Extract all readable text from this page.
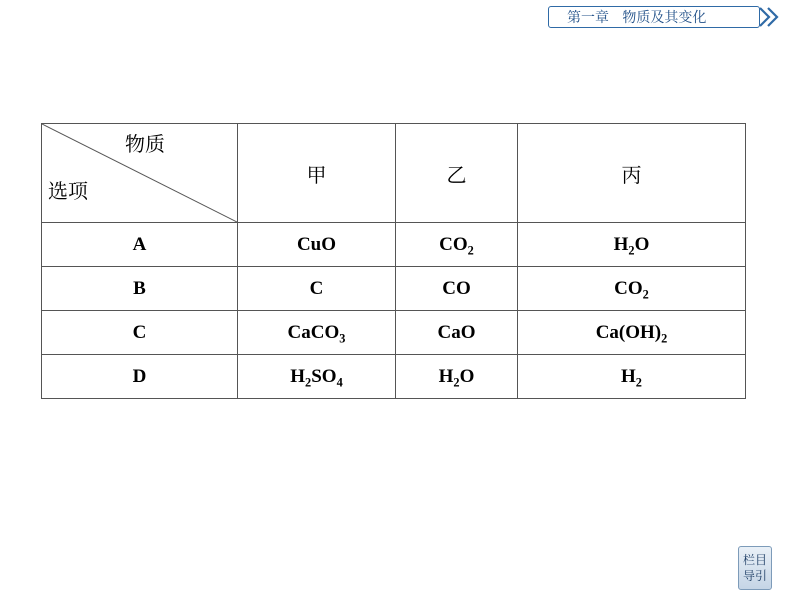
第一章
物质及其变化
物质
选项	甲	乙	丙
A	CuO	$CO_2$	$H_2O$
B	C	CO	$CO_2$
C	CaCO$_3$	CaO	$Ca(OH)_2$
D	$H_2SO_4$	$H_2O$	$H_2$
栏目
导引
